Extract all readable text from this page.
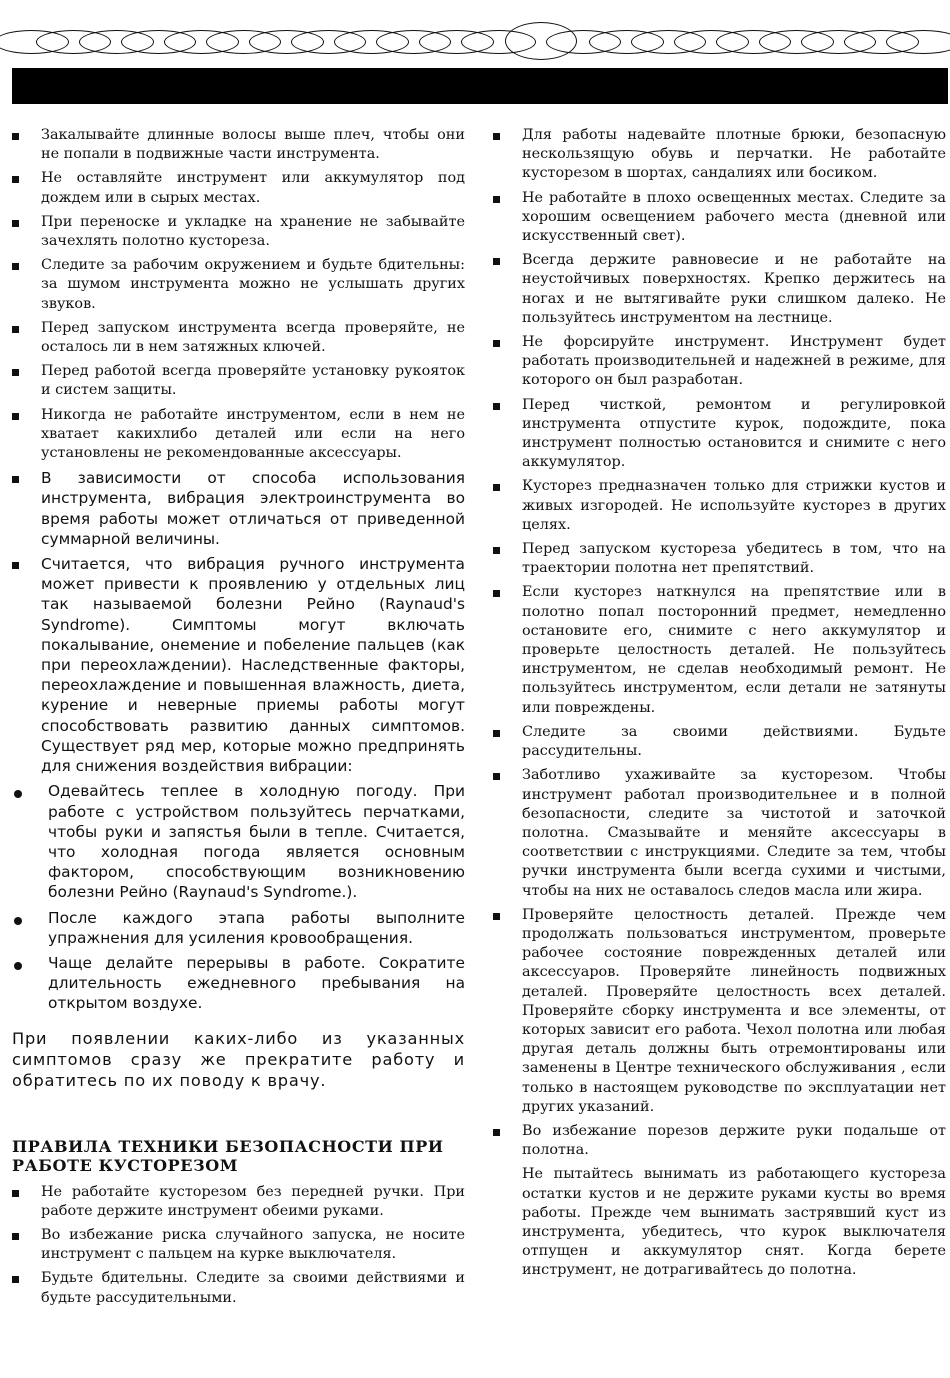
Закалывайте длинные волосы выше плеч, чтобы они не попали в подвижные части инструмента.
Не оставляйте инструмент или аккумулятор под дождем или в сырых местах.
При переноске и укладке на хранение не забывайте зачехлять полотно кустореза.
Следите за рабочим окружением и будьте бдительны: за шумом инструмента можно не услышать других звуков.
Перед запуском инструмента всегда проверяйте, не осталось ли в нем затяжных ключей.
Перед работой всегда проверяйте установку рукояток и систем защиты.
Никогда не работайте инструментом, если в нем не хватает какихлибо деталей или если на него установлены не рекомендованные аксессуары.
В зависимости от способа использования инструмента, вибрация электроинструмента во время работы может отличаться от приведенной суммарной величины.
Считается, что вибрация ручного инструмента может привести к проявлению у отдельных лиц так называемой болезни Рейно (Raynaud's Syndrome). Симптомы могут включать покалывание, онемение и побеление пальцев (как при переохлаждении). Наследственные факторы, переохлаждение и повышенная влажность, диета, курение и неверные приемы работы могут способствовать развитию данных симптомов. Существует ряд мер, которые можно предпринять для снижения воздействия вибрации:
Одевайтесь теплее в холодную погоду. При работе с устройством пользуйтесь перчатками, чтобы руки и запястья были в тепле. Считается, что холодная погода является основным фактором, способствующим возникновению болезни Рейно (Raynaud's Syndrome.).
После каждого этапа работы выполните упражнения для усиления кровообращения.
Чаще делайте перерывы в работе. Сократите длительность ежедневного пребывания на открытом воздухе.

При появлении каких-либо из указанных симптомов сразу же прекратите работу и обратитесь по их поводу к врачу.

ПРАВИЛА ТЕХНИКИ БЕЗОПАСНОСТИ ПРИ РАБОТЕ КУСТОРЕЗОМ
Не работайте кусторезом без передней ручки. При работе держите инструмент обеими руками.
Во избежание риска случайного запуска, не носите инструмент с пальцем на курке выключателя.
Будьте бдительны. Следите за своими действиями и будьте рассудительными.
Для работы надевайте плотные брюки, безопасную нескользящую обувь и перчатки. Не работайте кусторезом в шортах, сандалиях или босиком.
Не работайте в плохо освещенных местах. Следите за хорошим освещением рабочего места (дневной или искусственный свет).
Всегда держите равновесие и не работайте на неустойчивых поверхностях. Крепко держитесь на ногах и не вытягивайте руки слишком далеко. Не пользуйтесь инструментом на лестнице.
Не форсируйте инструмент. Инструмент будет работать производительней и надежней в режиме, для которого он был разработан.
Перед чисткой, ремонтом и регулировкой инструмента отпустите курок, подождите, пока инструмент полностью остановится и снимите с него аккумулятор.
Кусторез предназначен только для стрижки кустов и живых изгородей. Не используйте кусторез в других целях.
Перед запуском кустореза убедитесь в том, что на траектории полотна нет препятствий.
Если кусторез наткнулся на препятствие или в полотно попал посторонний предмет, немедленно остановите его, снимите с него аккумулятор и проверьте целостность деталей. Не пользуйтесь инструментом, не сделав необходимый ремонт. Не пользуйтесь инструментом, если детали не затянуты или повреждены.
Следите за своими действиями. Будьте рассудительны.
Заботливо ухаживайте за кусторезом. Чтобы инструмент работал производительнее и в полной безопасности, следите за чистотой и заточкой полотна. Смазывайте и меняйте аксессуары в соответствии с инструкциями. Следите за тем, чтобы ручки инструмента были всегда сухими и чистыми, чтобы на них не оставалось следов масла или жира.
Проверяйте целостность деталей. Прежде чем продолжать пользоваться инструментом, проверьте рабочее состояние поврежденных деталей или аксессуаров. Проверяйте линейность подвижных деталей. Проверяйте целостность всех деталей. Проверяйте сборку инструмента и все элементы, от которых зависит его работа. Чехол полотна или любая другая деталь должны быть отремонтированы или заменены в Центре технического обслуживания , если только в настоящем руководстве по эксплуатации нет других указаний.
Во избежание порезов держите руки подальше от полотна.
Не пытайтесь вынимать из работающего кустореза остатки кустов и не держите руками кусты во время работы. Прежде чем вынимать застрявший куст из инструмента, убедитесь, что курок выключателя отпущен и аккумулятор снят. Когда берете инструмент, не дотрагивайтесь до полотна.
